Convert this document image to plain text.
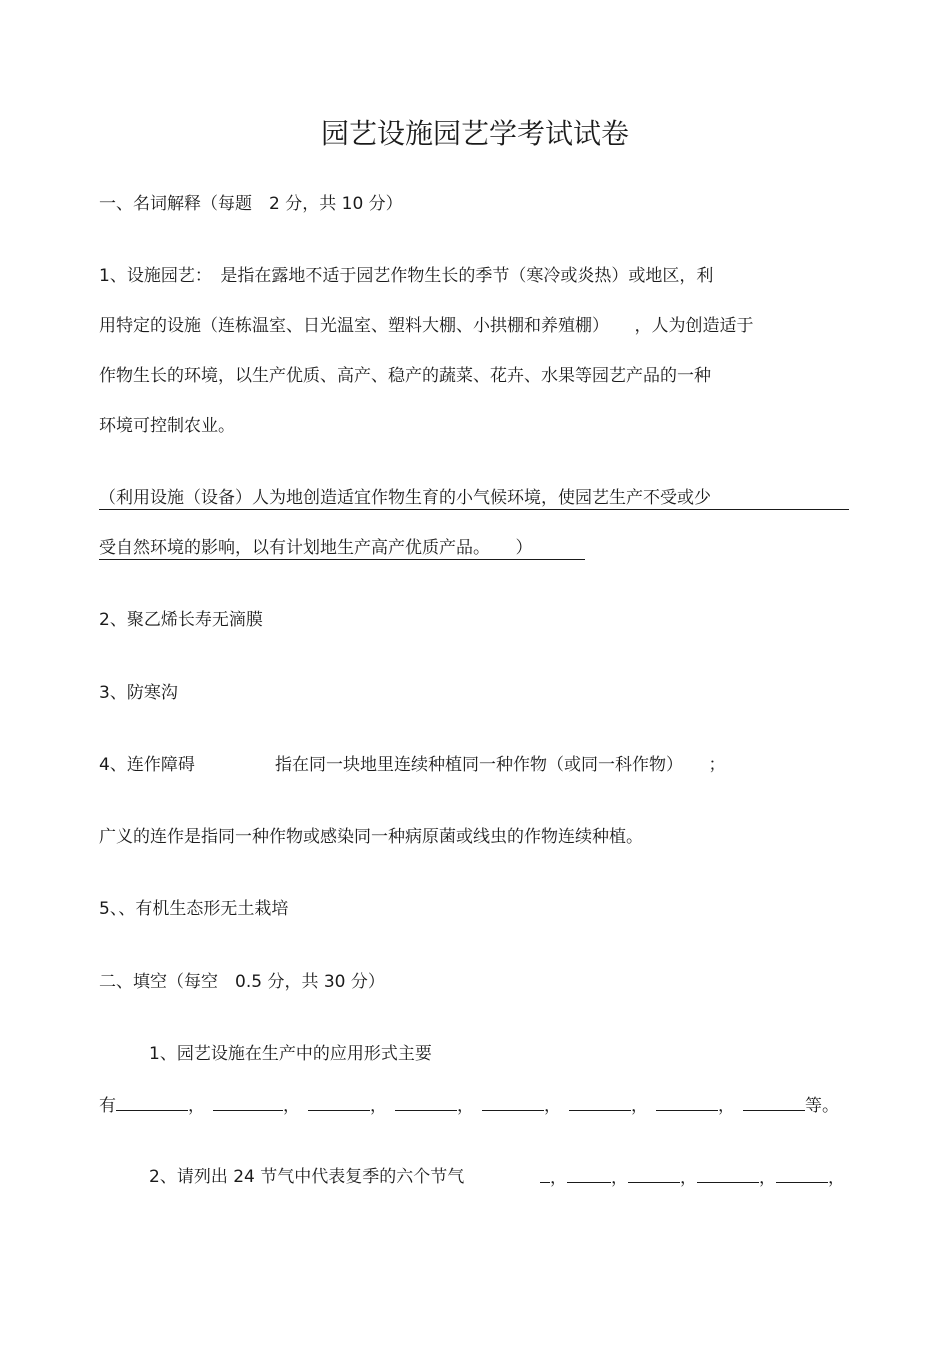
园艺设施园艺学考试试卷
一、名词解释（每题　2 分，共 10 分）
1、设施园艺：　是指在露地不适于园艺作物生长的季节（寒冷或炎热）或地区，利
用特定的设施（连栋温室、日光温室、塑料大棚、小拱棚和养殖棚）　　，人为创造适于
作物生长的环境，以生产优质、高产、稳产的蔬菜、花卉、水果等园艺产品的一种
环境可控制农业。
（利用设施（设备）人为地创造适宜作物生育的小气候环境，使园艺生产不受或少
受自然环境的影响，以有计划地生产高产优质产品。　　）
2、聚乙烯长寿无滴膜
3、防寒沟
4、连作障碍	指在同一块地里连续种植同一种作物（或同一科作物）　　；
广义的连作是指同一种作物或感染同一种病原菌或线虫的作物连续种植。
5、、有机生态形无土栽培
二、填空（每空　0.5 分，共 30 分）
1、园艺设施在生产中的应用形式主要
有	，	，	，	，	，	，	，	等。
2、请列出 24 节气中代表复季的六个节气	，	，	，	，	，
